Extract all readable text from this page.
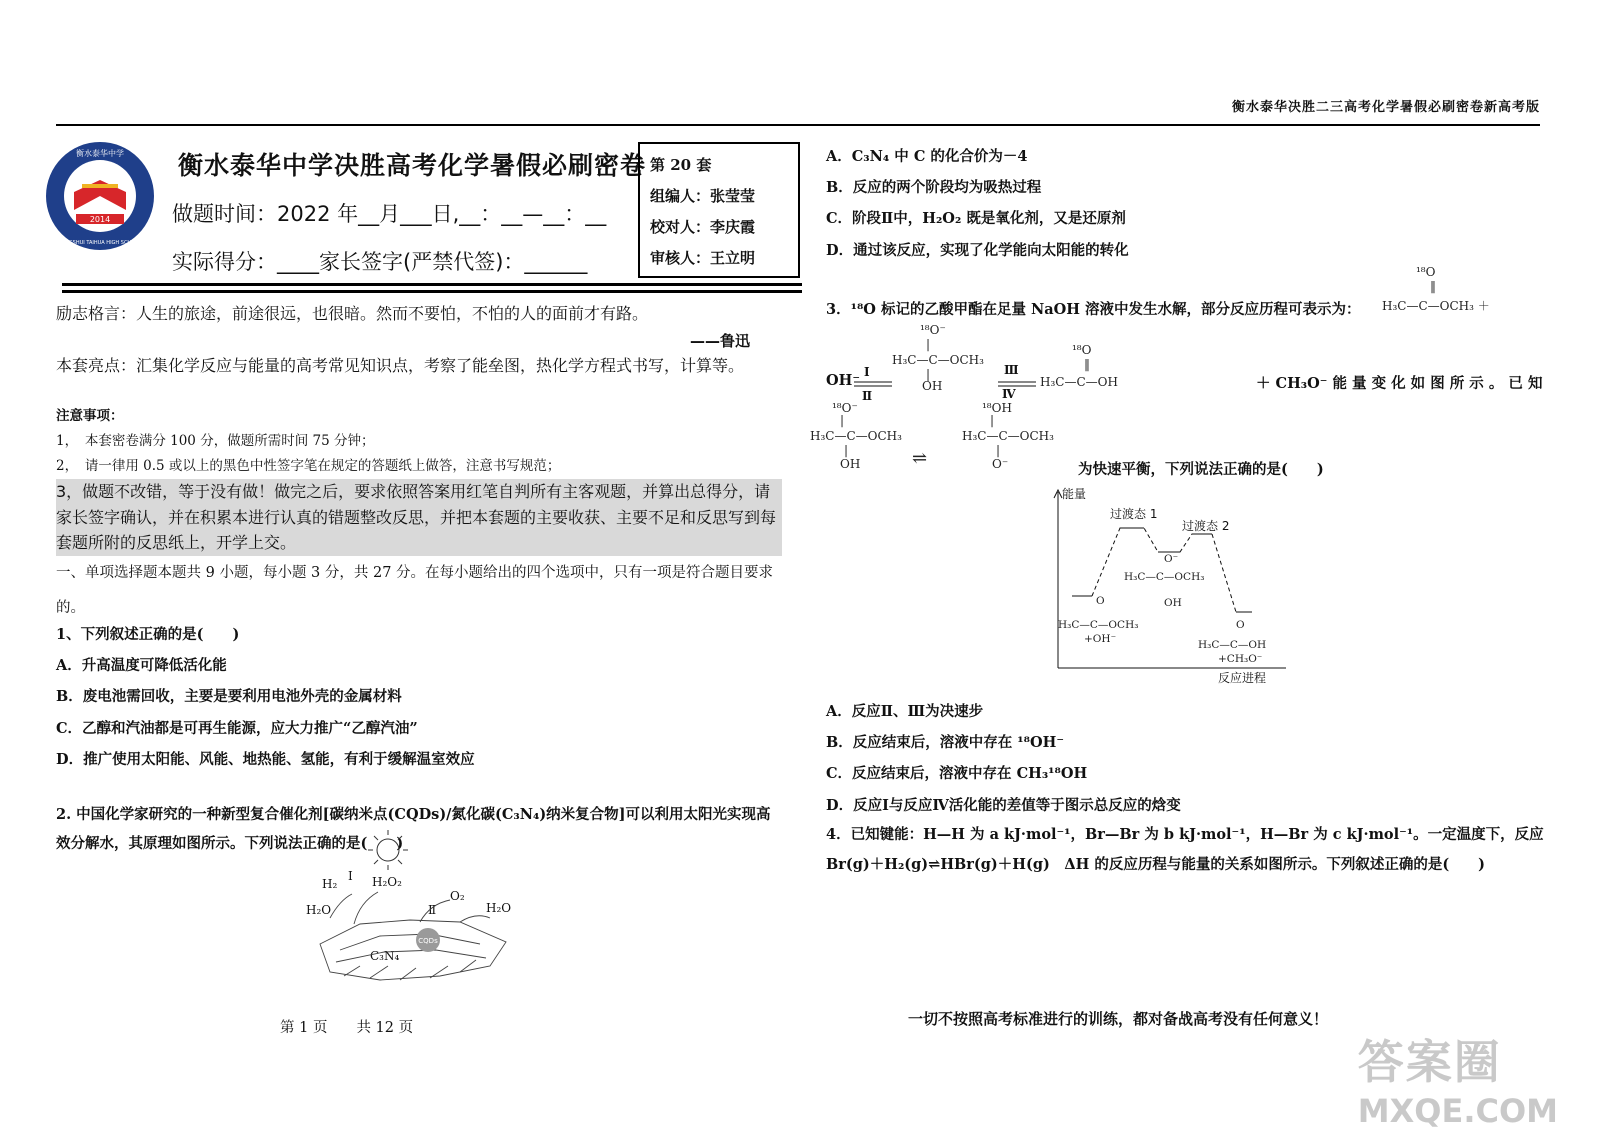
衡水泰华决胜二三高考化学暑假必刷密卷新高考版
2014
衡水泰华中学
HENGSHUI TAIHUA HIGH SCHOOL
衡水泰华中学决胜高考化学暑假必刷密卷
做题时间：2022 年__月___日,__：__—__：__
实际得分：____家长签字(严禁代签)：______
第 20 套
组编人：张莹莹
校对人：李庆霞
审核人：王立明
励志格言：人生的旅途，前途很远，也很暗。然而不要怕，不怕的人的面前才有路。
——鲁迅
本套亮点：汇集化学反应与能量的高考常见知识点，考察了能垒图，热化学方程式书写，计算等。
注意事项：
1，　本套密卷满分 100 分，做题所需时间 75 分钟；
2，　请一律用 0.5 或以上的黑色中性签字笔在规定的答题纸上做答，注意书写规范；
3，做题不改错，等于没有做！做完之后，要求依照答案用红笔自判所有主客观题，并算出总得分，请家长签字确认，并在积累本进行认真的错题整改反思，并把本套题的主要收获、主要不足和反思写到每套题所附的反思纸上，开学上交。
一、单项选择题本题共 9 小题，每小题 3 分，共 27 分。在每小题给出的四个选项中，只有一项是符合题目要求的。
1、下列叙述正确的是(　　)
A．升高温度可降低活化能
B．废电池需回收，主要是要利用电池外壳的金属材料
C．乙醇和汽油都是可再生能源，应大力推广“乙醇汽油”
D．推广使用太阳能、风能、地热能、氢能，有利于缓解温室效应
2. 中国化学家研究的一种新型复合催化剂[碳纳米点(CQDs)/氮化碳(C₃N₄)纳米复合物]可以利用太阳光实现高效分解水，其原理如图所示。下列说法正确的是(　　)
H₂
Ⅰ H₂O₂
O₂
Ⅱ
H₂O	H₂O
C₃N₄
CQDs
第 1 页　　共 12 页
A．C₃N₄ 中 C 的化合价为－4
B．反应的两个阶段均为吸热过程
C．阶段Ⅱ中，H₂O₂ 既是氧化剂，又是还原剂
D．通过该反应，实现了化学能向太阳能的转化
3．¹⁸O 标记的乙酸甲酯在足量 NaOH 溶液中发生水解，部分反应历程可表示为：
¹⁸O
‖
H₃C—C—OCH₃ ＋
¹⁸O⁻
|
H₃C—C—OCH₃
|
OH
¹⁸O
‖
H₃C—C—OH
¹⁸O⁻
|
H₃C—C—OCH₃
|
OH
¹⁸OH
|
H₃C—C—OCH₃
|
O⁻
⇌
Ⅰ
Ⅱ
Ⅲ
Ⅳ
OH⁻	＋ CH₃O⁻ 能 量 变 化 如 图 所 示 。 已 知
为快速平衡，下列说法正确的是(　　)
能量
反应进程
过渡态 1
过渡态 2
O⁻
H₃C—C—OCH₃
OH
O
H₃C—C—OCH₃
+OH⁻
O
H₃C—C—OH
+CH₃O⁻
A．反应Ⅱ、Ⅲ为决速步
B．反应结束后，溶液中存在 ¹⁸OH⁻
C．反应结束后，溶液中存在 CH₃¹⁸OH
D．反应Ⅰ与反应Ⅳ活化能的差值等于图示总反应的焓变
4．已知键能：H—H 为 a kJ·mol⁻¹，Br—Br 为 b kJ·mol⁻¹，H—Br 为 c kJ·mol⁻¹。一定温度下，反应 Br(g)＋H₂(g)⇌HBr(g)＋H(g)　ΔH 的反应历程与能量的关系如图所示。下列叙述正确的是(　　)
一切不按照高考标准进行的训练，都对备战高考没有任何意义！
答案圈
MXQE.COM
